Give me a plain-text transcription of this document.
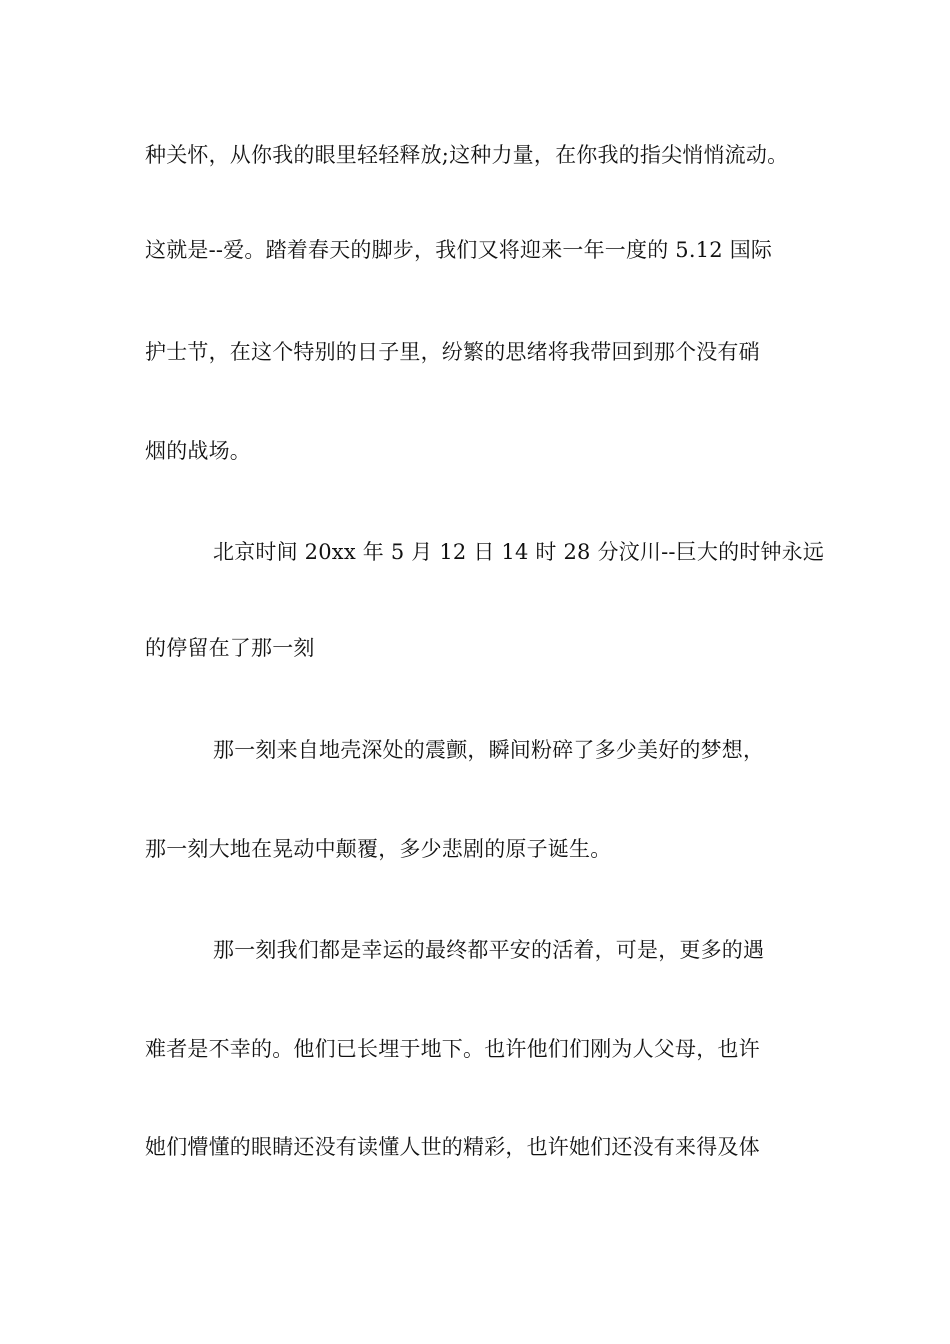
种关怀，从你我的眼里轻轻释放;这种力量，在你我的指尖悄悄流动。
这就是--爱。踏着春天的脚步，我们又将迎来一年一度的 5.12 国际
护士节，在这个特别的日子里，纷繁的思绪将我带回到那个没有硝
烟的战场。
北京时间 20xx 年 5 月 12 日 14 时 28 分汶川--巨大的时钟永远
的停留在了那一刻
那一刻来自地壳深处的震颤，瞬间粉碎了多少美好的梦想，
那一刻大地在晃动中颠覆，多少悲剧的原子诞生。
那一刻我们都是幸运的最终都平安的活着，可是，更多的遇
难者是不幸的。他们已长埋于地下。也许他们们刚为人父母，也许
她们懵懂的眼睛还没有读懂人世的精彩，也许她们还没有来得及体
